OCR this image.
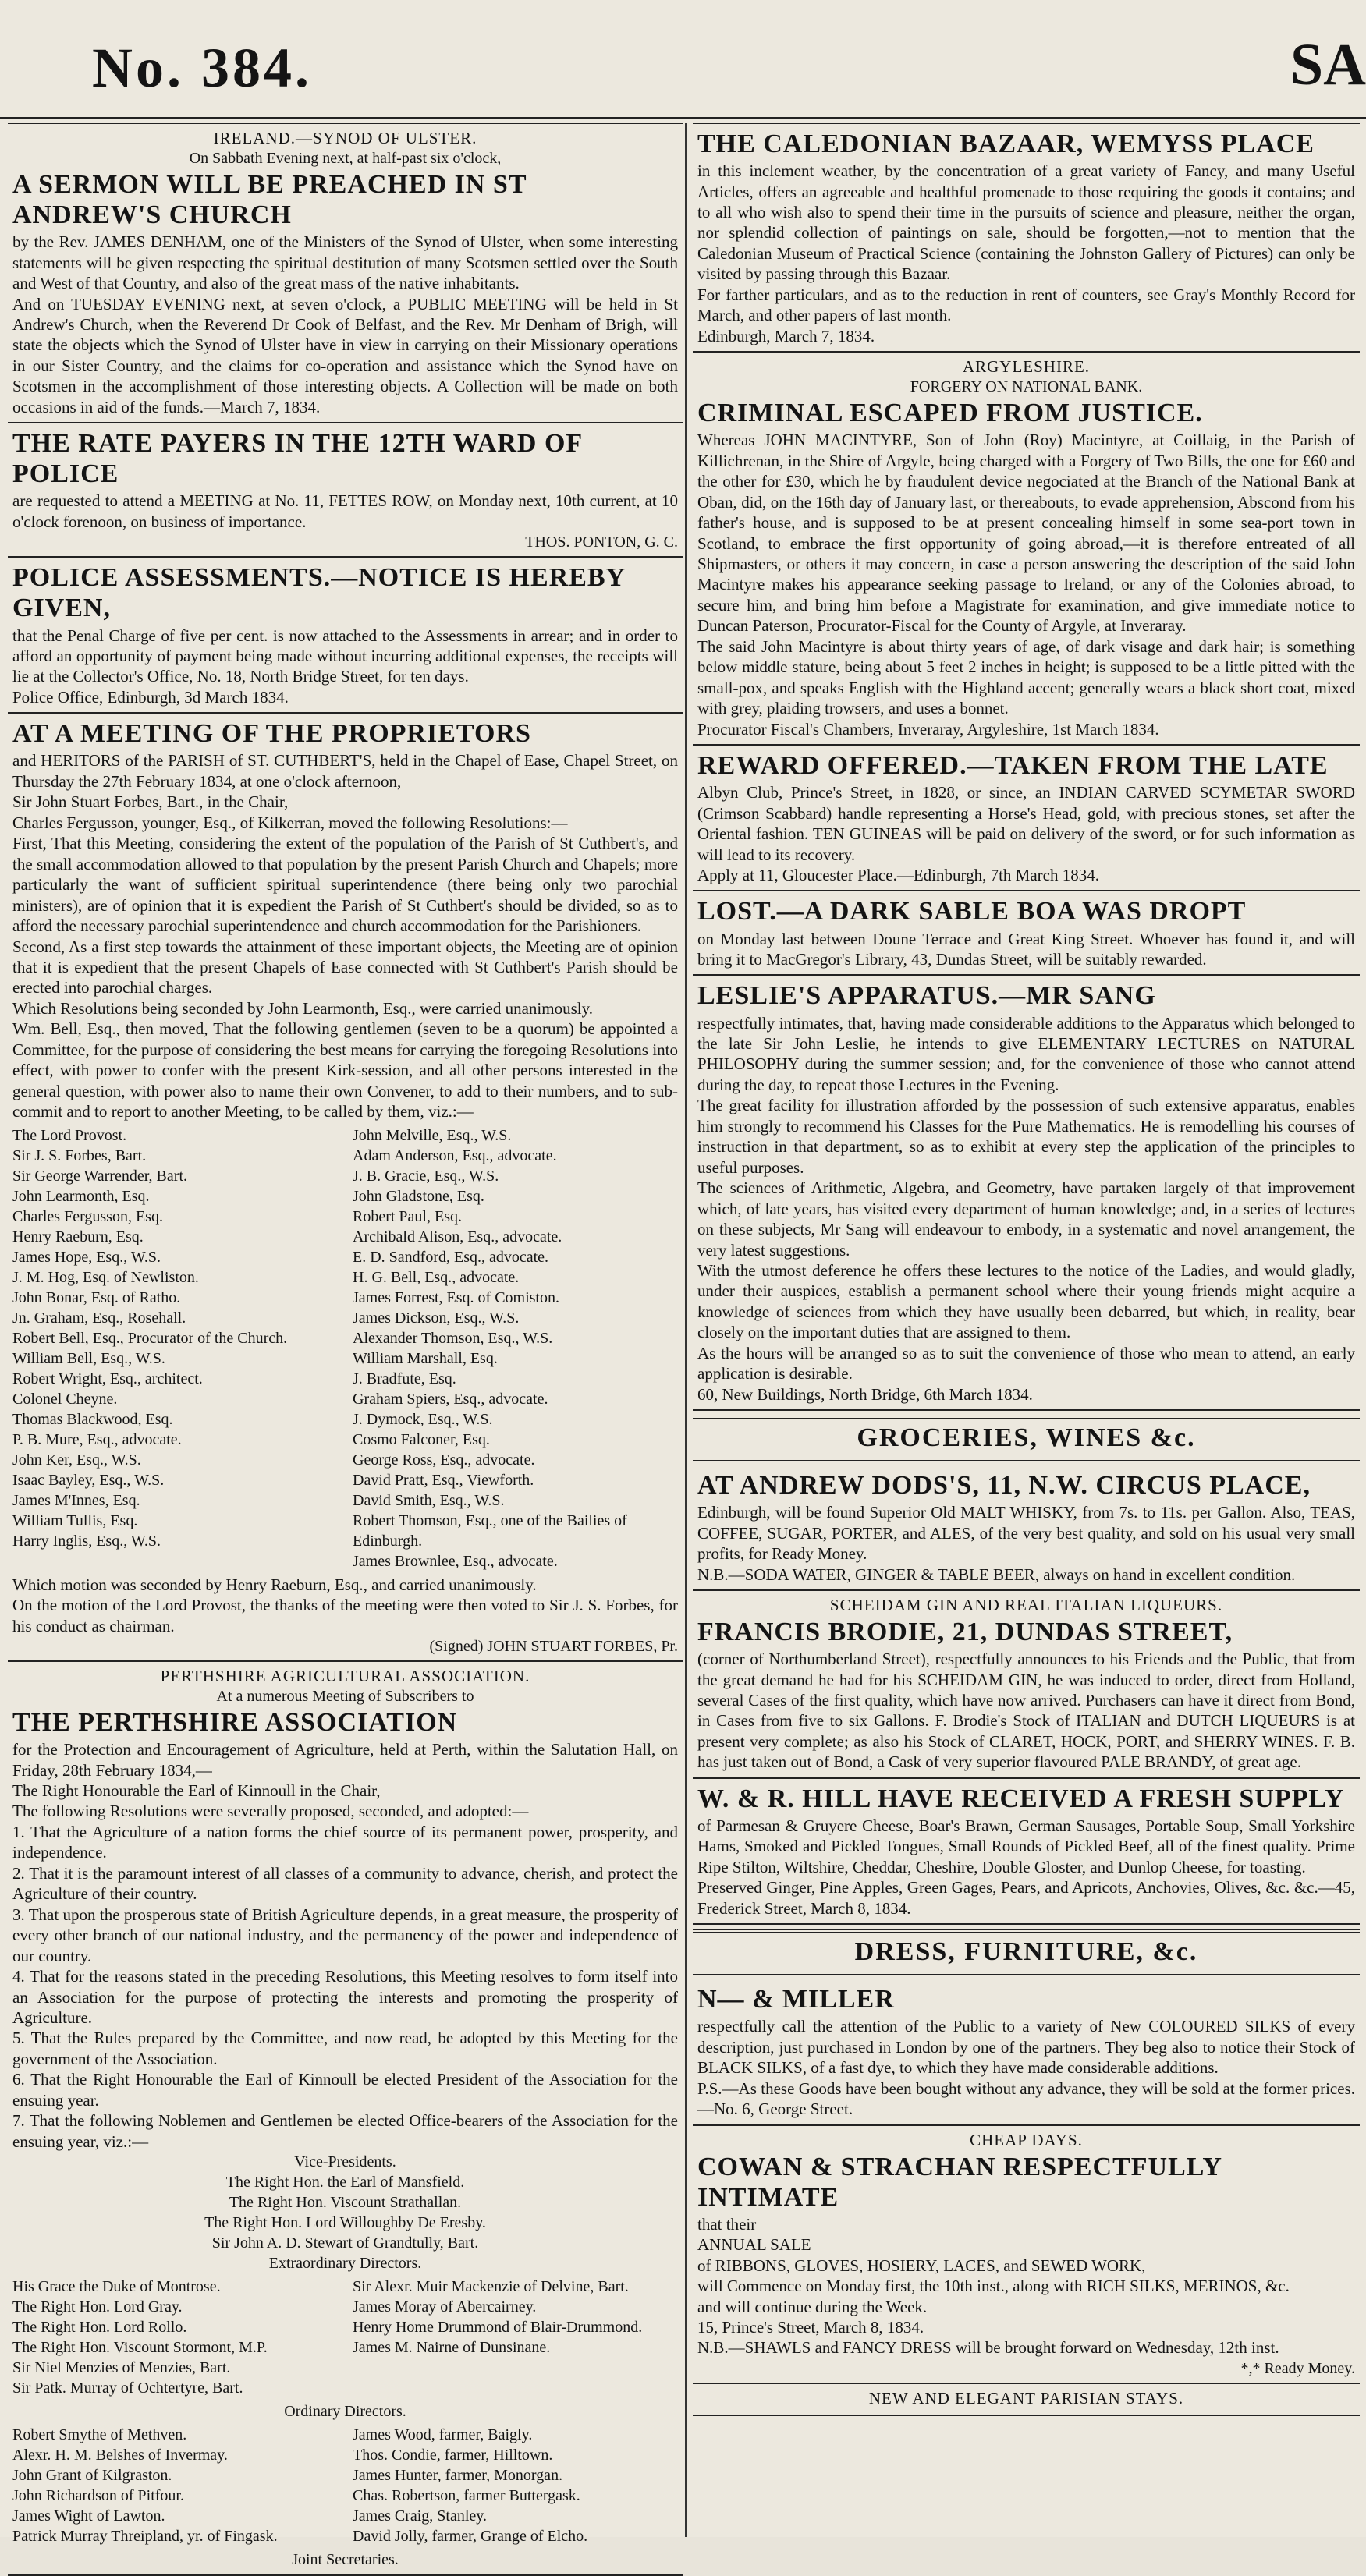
No. 384.	SA
IRELAND.—SYNOD OF ULSTER.
On Sabbath Evening next, at half-past six o'clock,
A SERMON WILL BE PREACHED IN ST ANDREW'S CHURCH

by the Rev. JAMES DENHAM, one of the Ministers of the Synod of Ulster, when some interesting statements will be given respecting the spiritual destitution of many Scotsmen settled over the South and West of that Country, and also of the great mass of the native inhabitants.
And on TUESDAY EVENING next, at seven o'clock, a PUBLIC MEETING will be held in St Andrew's Church, when the Reverend Dr Cook of Belfast, and the Rev. Mr Denham of Brigh, will state the objects which the Synod of Ulster have in view in carrying on their Missionary operations in our Sister Country, and the claims for co-operation and assistance which the Synod have on Scotsmen in the accomplishment of those interesting objects. A Collection will be made on both occasions in aid of the funds.—March 7, 1834.

THE RATE PAYERS IN THE 12TH WARD OF POLICE

are requested to attend a MEETING at No. 11, FETTES ROW, on Monday next, 10th current, at 10 o'clock forenoon, on business of importance.

THOS. PONTON, G. C.

POLICE ASSESSMENTS.—NOTICE IS HEREBY GIVEN,

that the Penal Charge of five per cent. is now attached to the Assessments in arrear; and in order to afford an opportunity of payment being made without incurring additional expenses, the receipts will lie at the Collector's Office, No. 18, North Bridge Street, for ten days.
Police Office, Edinburgh, 3d March 1834.

AT A MEETING OF THE PROPRIETORS

and HERITORS of the PARISH of ST. CUTHBERT'S, held in the Chapel of Ease, Chapel Street, on Thursday the 27th February 1834, at one o'clock afternoon,
Sir John Stuart Forbes, Bart., in the Chair,
Charles Fergusson, younger, Esq., of Kilkerran, moved the following Resolutions:—
First, That this Meeting, considering the extent of the population of the Parish of St Cuthbert's, and the small accommodation allowed to that population by the present Parish Church and Chapels; more particularly the want of sufficient spiritual superintendence (there being only two parochial ministers), are of opinion that it is expedient the Parish of St Cuthbert's should be divided, so as to afford the necessary parochial superintendence and church accommodation for the Parishioners.
Second, As a first step towards the attainment of these important objects, the Meeting are of opinion that it is expedient that the present Chapels of Ease connected with St Cuthbert's Parish should be erected into parochial charges.
Which Resolutions being seconded by John Learmonth, Esq., were carried unanimously.
Wm. Bell, Esq., then moved, That the following gentlemen (seven to be a quorum) be appointed a Committee, for the purpose of considering the best means for carrying the foregoing Resolutions into effect, with power to confer with the present Kirk-session, and all other persons interested in the general question, with power also to name their own Convener, to add to their numbers, and to sub-commit and to report to another Meeting, to be called by them, viz.:—

The Lord Provost.

Sir J. S. Forbes, Bart.

Sir George Warrender, Bart.

John Learmonth, Esq.

Charles Fergusson, Esq.

Henry Raeburn, Esq.

James Hope, Esq., W.S.

J. M. Hog, Esq. of Newliston.

John Bonar, Esq. of Ratho.

Jn. Graham, Esq., Rosehall.

Robert Bell, Esq., Procurator of the Church.

William Bell, Esq., W.S.

Robert Wright, Esq., architect.

Colonel Cheyne.

Thomas Blackwood, Esq.

P. B. Mure, Esq., advocate.

John Ker, Esq., W.S.

Isaac Bayley, Esq., W.S.

James M'Innes, Esq.

William Tullis, Esq.

Harry Inglis, Esq., W.S.

John Melville, Esq., W.S.

Adam Anderson, Esq., advocate.

J. B. Gracie, Esq., W.S.

John Gladstone, Esq.

Robert Paul, Esq.

Archibald Alison, Esq., advocate.

E. D. Sandford, Esq., advocate.

H. G. Bell, Esq., advocate.

James Forrest, Esq. of Comiston.

James Dickson, Esq., W.S.

Alexander Thomson, Esq., W.S.

William Marshall, Esq.

J. Bradfute, Esq.

Graham Spiers, Esq., advocate.

J. Dymock, Esq., W.S.

Cosmo Falconer, Esq.

George Ross, Esq., advocate.

David Pratt, Esq., Viewforth.

David Smith, Esq., W.S.

Robert Thomson, Esq., one of the Bailies of Edinburgh.

James Brownlee, Esq., advocate.

Which motion was seconded by Henry Raeburn, Esq., and carried unanimously.
On the motion of the Lord Provost, the thanks of the meeting were then voted to Sir J. S. Forbes, for his conduct as chairman.

(Signed) JOHN STUART FORBES, Pr.

PERTHSHIRE AGRICULTURAL ASSOCIATION.
At a numerous Meeting of Subscribers to
THE PERTHSHIRE ASSOCIATION

for the Protection and Encouragement of Agriculture, held at Perth, within the Salutation Hall, on Friday, 28th February 1834,—
The Right Honourable the Earl of Kinnoull in the Chair,
The following Resolutions were severally proposed, seconded, and adopted:—
1. That the Agriculture of a nation forms the chief source of its permanent power, prosperity, and independence.
2. That it is the paramount interest of all classes of a community to advance, cherish, and protect the Agriculture of their country.
3. That upon the prosperous state of British Agriculture depends, in a great measure, the prosperity of every other branch of our national industry, and the permanency of the power and independence of our country.
4. That for the reasons stated in the preceding Resolutions, this Meeting resolves to form itself into an Association for the purpose of protecting the interests and promoting the prosperity of Agriculture.
5. That the Rules prepared by the Committee, and now read, be adopted by this Meeting for the government of the Association.
6. That the Right Honourable the Earl of Kinnoull be elected President of the Association for the ensuing year.
7. That the following Noblemen and Gentlemen be elected Office-bearers of the Association for the ensuing year, viz.:—

Vice-Presidents.

The Right Hon. the Earl of Mansfield.

The Right Hon. Viscount Strathallan.

The Right Hon. Lord Willoughby De Eresby.

Sir John A. D. Stewart of Grandtully, Bart.

Extraordinary Directors.

His Grace the Duke of Montrose.

The Right Hon. Lord Gray.

The Right Hon. Lord Rollo.

The Right Hon. Viscount Stormont, M.P.

Sir Niel Menzies of Menzies, Bart.

Sir Patk. Murray of Ochtertyre, Bart.

Sir Alexr. Muir Mackenzie of Delvine, Bart.

James Moray of Abercairney.

Henry Home Drummond of Blair-Drummond.

James M. Nairne of Dunsinane.

Ordinary Directors.

Robert Smythe of Methven.

Alexr. H. M. Belshes of Invermay.

John Grant of Kilgraston.

John Richardson of Pitfour.

James Wight of Lawton.

Patrick Murray Threipland, yr. of Fingask.

James Wood, farmer, Baigly.

Thos. Condie, farmer, Hilltown.

James Hunter, farmer, Monorgan.

Chas. Robertson, farmer Buttergask.

James Craig, Stanley.

David Jolly, farmer, Grange of Elcho.

Joint Secretaries.

THE CALEDONIAN BAZAAR, WEMYSS PLACE

in this inclement weather, by the concentration of a great variety of Fancy, and many Useful Articles, offers an agreeable and healthful promenade to those requiring the goods it contains; and to all who wish also to spend their time in the pursuits of science and pleasure, neither the organ, nor splendid collection of paintings on sale, should be forgotten,—not to mention that the Caledonian Museum of Practical Science (containing the Johnston Gallery of Pictures) can only be visited by passing through this Bazaar.
For farther particulars, and as to the reduction in rent of counters, see Gray's Monthly Record for March, and other papers of last month.
Edinburgh, March 7, 1834.

ARGYLESHIRE.
FORGERY ON NATIONAL BANK.
CRIMINAL ESCAPED FROM JUSTICE.

Whereas JOHN MACINTYRE, Son of John (Roy) Macintyre, at Coillaig, in the Parish of Killichrenan, in the Shire of Argyle, being charged with a Forgery of Two Bills, the one for £60 and the other for £30, which he by fraudulent device negociated at the Branch of the National Bank at Oban, did, on the 16th day of January last, or thereabouts, to evade apprehension, Abscond from his father's house, and is supposed to be at present concealing himself in some sea-port town in Scotland, to embrace the first opportunity of going abroad,—it is therefore entreated of all Shipmasters, or others it may concern, in case a person answering the description of the said John Macintyre makes his appearance seeking passage to Ireland, or any of the Colonies abroad, to secure him, and bring him before a Magistrate for examination, and give immediate notice to Duncan Paterson, Procurator-Fiscal for the County of Argyle, at Inveraray.
The said John Macintyre is about thirty years of age, of dark visage and dark hair; is something below middle stature, being about 5 feet 2 inches in height; is supposed to be a little pitted with the small-pox, and speaks English with the Highland accent; generally wears a black short coat, mixed with grey, plaiding trowsers, and uses a bonnet.
Procurator Fiscal's Chambers, Inveraray, Argyleshire, 1st March 1834.

REWARD OFFERED.—TAKEN FROM THE LATE

Albyn Club, Prince's Street, in 1828, or since, an INDIAN CARVED SCYMETAR SWORD (Crimson Scabbard) handle representing a Horse's Head, gold, with precious stones, set after the Oriental fashion. TEN GUINEAS will be paid on delivery of the sword, or for such information as will lead to its recovery.
Apply at 11, Gloucester Place.—Edinburgh, 7th March 1834.

LOST.—A DARK SABLE BOA WAS DROPT

on Monday last between Doune Terrace and Great King Street. Whoever has found it, and will bring it to MacGregor's Library, 43, Dundas Street, will be suitably rewarded.

LESLIE'S APPARATUS.—MR SANG

respectfully intimates, that, having made considerable additions to the Apparatus which belonged to the late Sir John Leslie, he intends to give ELEMENTARY LECTURES on NATURAL PHILOSOPHY during the summer session; and, for the convenience of those who cannot attend during the day, to repeat those Lectures in the Evening.
The great facility for illustration afforded by the possession of such extensive apparatus, enables him strongly to recommend his Classes for the Pure Mathematics. He is remodelling his courses of instruction in that department, so as to exhibit at every step the application of the principles to useful purposes.
The sciences of Arithmetic, Algebra, and Geometry, have partaken largely of that improvement which, of late years, has visited every department of human knowledge; and, in a series of lectures on these subjects, Mr Sang will endeavour to embody, in a systematic and novel arrangement, the very latest suggestions.
With the utmost deference he offers these lectures to the notice of the Ladies, and would gladly, under their auspices, establish a permanent school where their young friends might acquire a knowledge of sciences from which they have usually been debarred, but which, in reality, bear closely on the important duties that are assigned to them.
As the hours will be arranged so as to suit the convenience of those who mean to attend, an early application is desirable.
60, New Buildings, North Bridge, 6th March 1834.

GROCERIES, WINES &c.
AT ANDREW DODS'S, 11, N.W. CIRCUS PLACE,

Edinburgh, will be found Superior Old MALT WHISKY, from 7s. to 11s. per Gallon. Also, TEAS, COFFEE, SUGAR, PORTER, and ALES, of the very best quality, and sold on his usual very small profits, for Ready Money.
N.B.—SODA WATER, GINGER & TABLE BEER, always on hand in excellent condition.

SCHEIDAM GIN AND REAL ITALIAN LIQUEURS.
FRANCIS BRODIE, 21, DUNDAS STREET,

(corner of Northumberland Street), respectfully announces to his Friends and the Public, that from the great demand he had for his SCHEIDAM GIN, he was induced to order, direct from Holland, several Cases of the first quality, which have now arrived. Purchasers can have it direct from Bond, in Cases from five to six Gallons. F. Brodie's Stock of ITALIAN and DUTCH LIQUEURS is at present very complete; as also his Stock of CLARET, HOCK, PORT, and SHERRY WINES. F. B. has just taken out of Bond, a Cask of very superior flavoured PALE BRANDY, of great age.

W. & R. HILL HAVE RECEIVED A FRESH SUPPLY

of Parmesan & Gruyere Cheese, Boar's Brawn, German Sausages, Portable Soup, Small Yorkshire Hams, Smoked and Pickled Tongues, Small Rounds of Pickled Beef, all of the finest quality. Prime Ripe Stilton, Wiltshire, Cheddar, Cheshire, Double Gloster, and Dunlop Cheese, for toasting.
Preserved Ginger, Pine Apples, Green Gages, Pears, and Apricots, Anchovies, Olives, &c. &c.—45, Frederick Street, March 8, 1834.

DRESS, FURNITURE, &c.
N— & MILLER

respectfully call the attention of the Public to a variety of New COLOURED SILKS of every description, just purchased in London by one of the partners. They beg also to notice their Stock of BLACK SILKS, of a fast dye, to which they have made considerable additions.
P.S.—As these Goods have been bought without any advance, they will be sold at the former prices.—No. 6, George Street.

CHEAP DAYS.
COWAN & STRACHAN RESPECTFULLY INTIMATE

that their
ANNUAL SALE
of RIBBONS, GLOVES, HOSIERY, LACES, and SEWED WORK,
will Commence on Monday first, the 10th inst., along with RICH SILKS, MERINOS, &c.
and will continue during the Week.
15, Prince's Street, March 8, 1834.
N.B.—SHAWLS and FANCY DRESS will be brought forward on Wednesday, 12th inst.

*,* Ready Money.

NEW AND ELEGANT PARISIAN STAYS.
